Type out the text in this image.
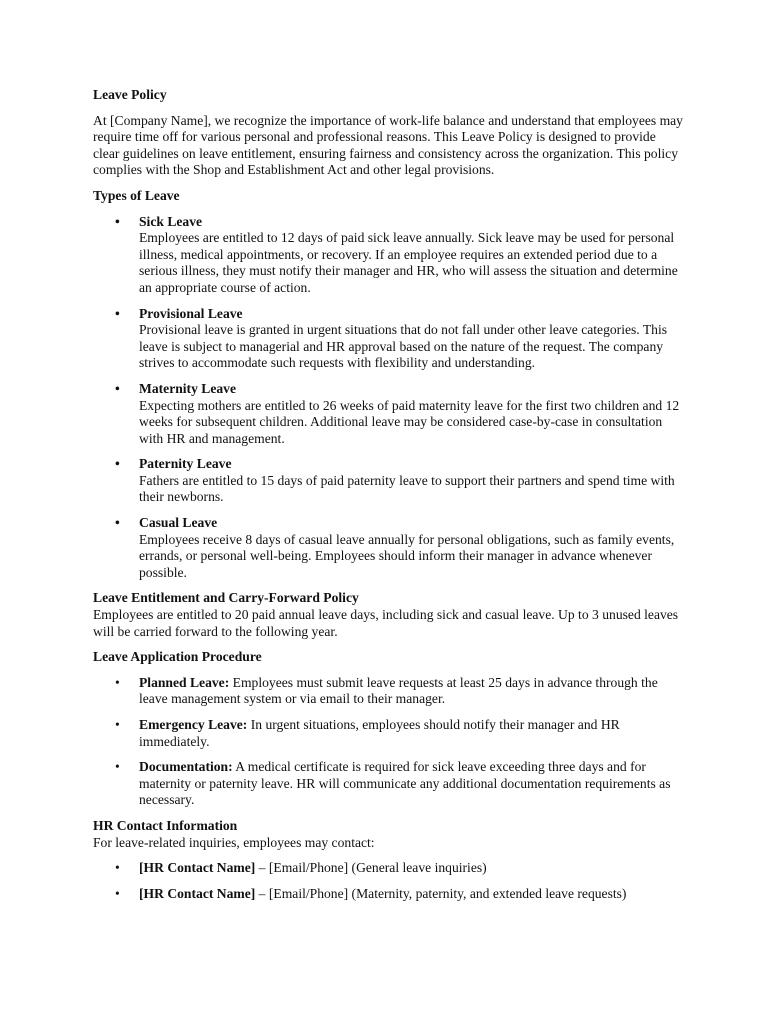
Leave Policy
At [Company Name], we recognize the importance of work-life balance and understand that employees may require time off for various personal and professional reasons. This Leave Policy is designed to provide clear guidelines on leave entitlement, ensuring fairness and consistency across the organization. This policy complies with the Shop and Establishment Act and other legal provisions.
Types of Leave
• Sick Leave
Employees are entitled to 12 days of paid sick leave annually. Sick leave may be used for personal illness, medical appointments, or recovery. If an employee requires an extended period due to a serious illness, they must notify their manager and HR, who will assess the situation and determine an appropriate course of action.
• Provisional Leave
Provisional leave is granted in urgent situations that do not fall under other leave categories. This leave is subject to managerial and HR approval based on the nature of the request. The company strives to accommodate such requests with flexibility and understanding.
• Maternity Leave
Expecting mothers are entitled to 26 weeks of paid maternity leave for the first two children and 12 weeks for subsequent children. Additional leave may be considered case-by-case in consultation with HR and management.
• Paternity Leave
Fathers are entitled to 15 days of paid paternity leave to support their partners and spend time with their newborns.
• Casual Leave
Employees receive 8 days of casual leave annually for personal obligations, such as family events, errands, or personal well-being. Employees should inform their manager in advance whenever possible.
Leave Entitlement and Carry-Forward Policy
Employees are entitled to 20 paid annual leave days, including sick and casual leave. Up to 3 unused leaves will be carried forward to the following year.
Leave Application Procedure
• Planned Leave: Employees must submit leave requests at least 25 days in advance through the leave management system or via email to their manager.
• Emergency Leave: In urgent situations, employees should notify their manager and HR immediately.
• Documentation: A medical certificate is required for sick leave exceeding three days and for maternity or paternity leave. HR will communicate any additional documentation requirements as necessary.
HR Contact Information
For leave-related inquiries, employees may contact:
• [HR Contact Name] – [Email/Phone] (General leave inquiries)
• [HR Contact Name] – [Email/Phone] (Maternity, paternity, and extended leave requests)
